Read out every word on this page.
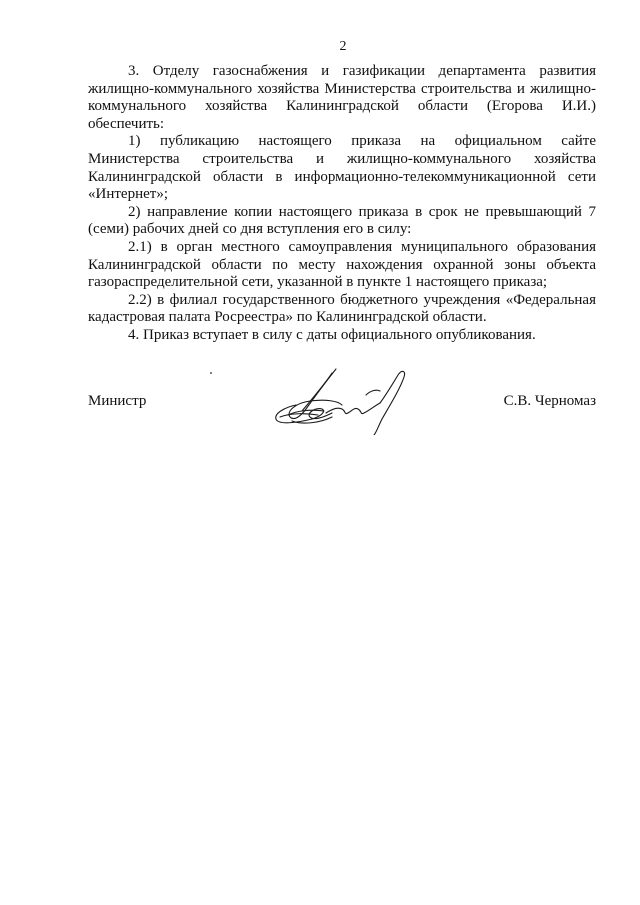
2

3. Отделу газоснабжения и газификации департамента развития жилищно-коммунального хозяйства Министерства строительства и жилищно-коммунального хозяйства Калининградской области (Егорова И.И.) обеспечить:

1) публикацию настоящего приказа на официальном сайте Министерства строительства и жилищно-коммунального хозяйства Калининградской области в информационно-телекоммуникационной сети «Интернет»;

2) направление копии настоящего приказа в срок не превышающий 7 (семи) рабочих дней со дня вступления его в силу:

2.1) в орган местного самоуправления муниципального образования Калининградской области по месту нахождения охранной зоны объекта газораспределительной сети, указанной в пункте 1 настоящего приказа;

2.2) в филиал государственного бюджетного учреждения «Федеральная кадастровая палата Росреестра» по Калининградской области.

4. Приказ вступает в силу с даты официального опубликования.

Министр	С.В. Черномаз
